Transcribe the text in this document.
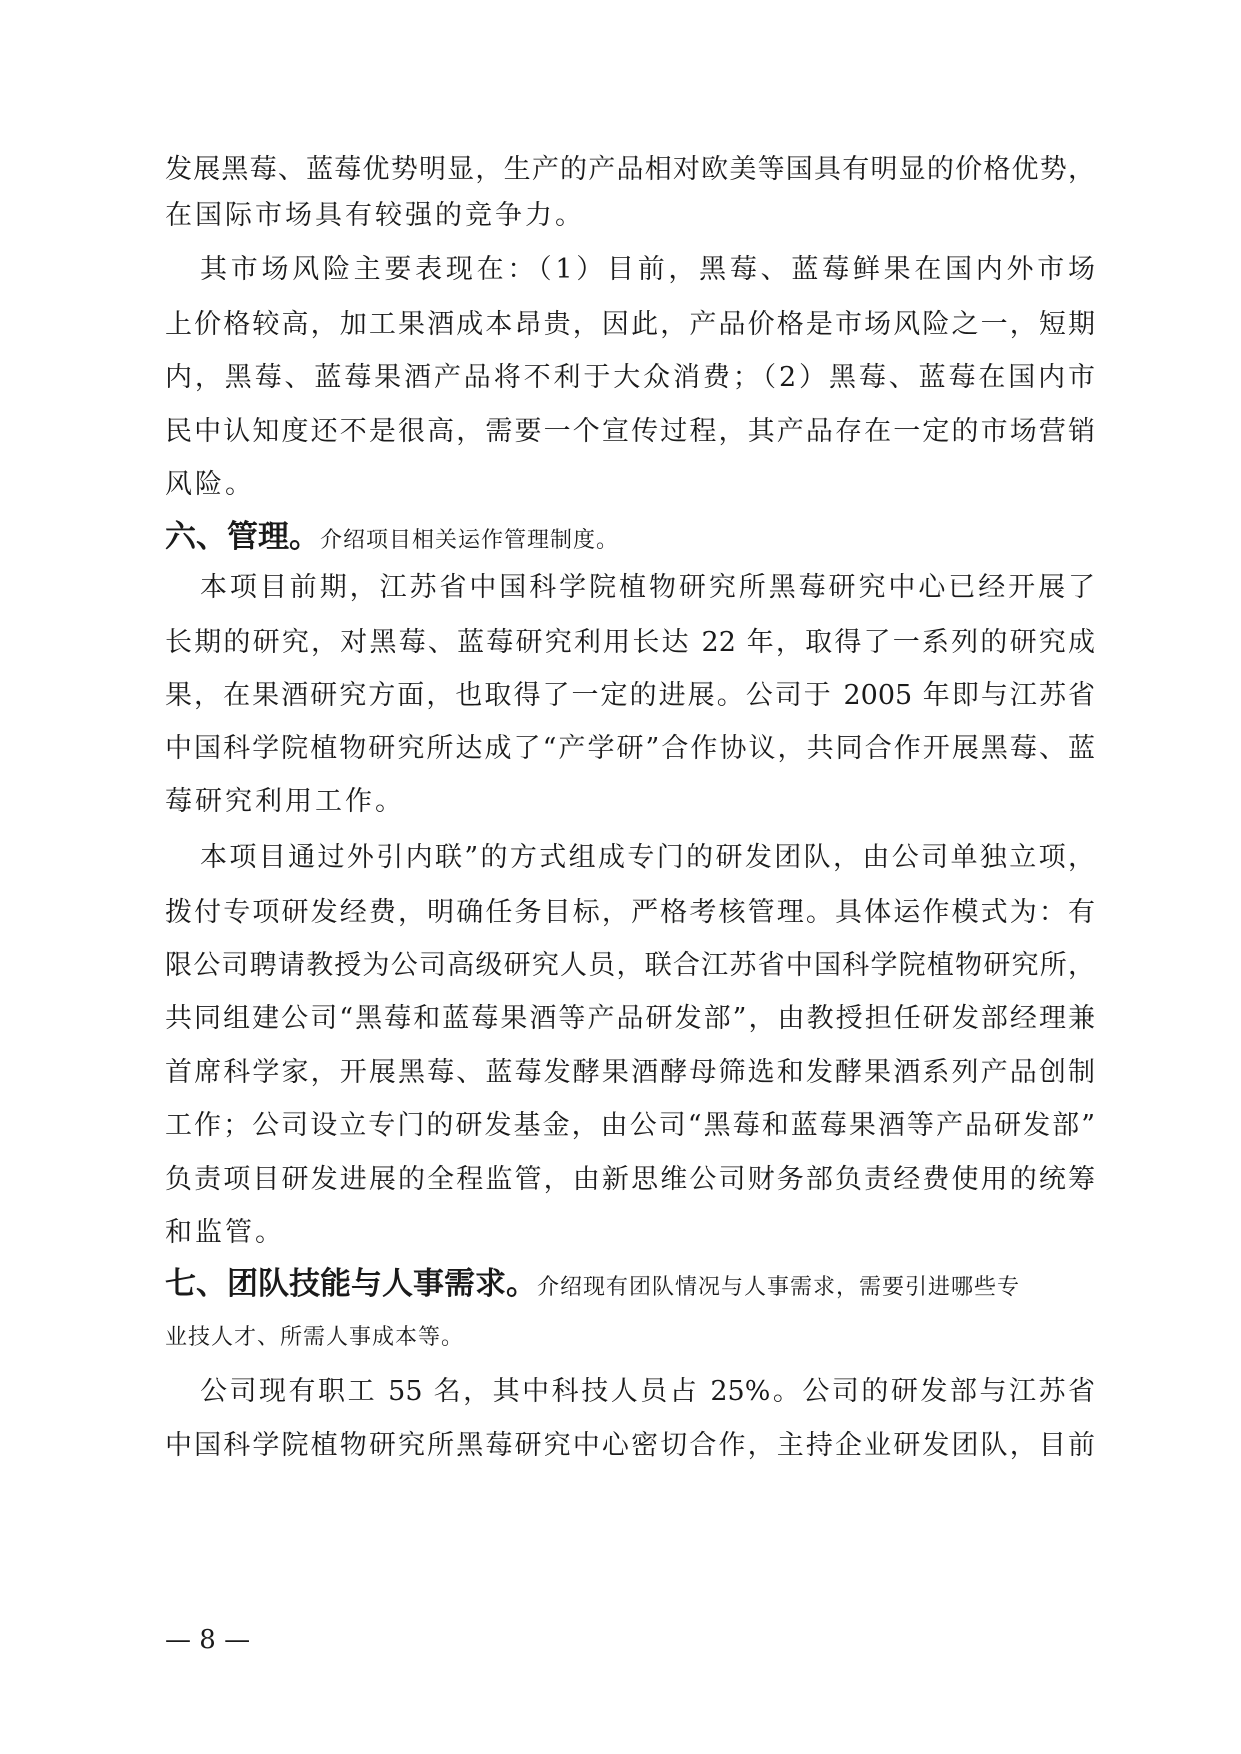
发展黑莓、蓝莓优势明显，生产的产品相对欧美等国具有明显的价格优势，

在国际市场具有较强的竞争力。

其市场风险主要表现在：（1）目前，黑莓、蓝莓鲜果在国内外市场

上价格较高，加工果酒成本昂贵，因此，产品价格是市场风险之一，短期

内，黑莓、蓝莓果酒产品将不利于大众消费；（2）黑莓、蓝莓在国内市

民中认知度还不是很高，需要一个宣传过程，其产品存在一定的市场营销

风险。

六、管理。介绍项目相关运作管理制度。

本项目前期，江苏省中国科学院植物研究所黑莓研究中心已经开展了

长期的研究，对黑莓、蓝莓研究利用长达 22 年，取得了一系列的研究成

果，在果酒研究方面，也取得了一定的进展。公司于 2005 年即与江苏省

中国科学院植物研究所达成了“产学研”合作协议，共同合作开展黑莓、蓝

莓研究利用工作。

本项目通过外引内联”的方式组成专门的研发团队，由公司单独立项，

拨付专项研发经费，明确任务目标，严格考核管理。具体运作模式为：有

限公司聘请教授为公司高级研究人员，联合江苏省中国科学院植物研究所，

共同组建公司“黑莓和蓝莓果酒等产品研发部”，由教授担任研发部经理兼

首席科学家，开展黑莓、蓝莓发酵果酒酵母筛选和发酵果酒系列产品创制

工作；公司设立专门的研发基金，由公司“黑莓和蓝莓果酒等产品研发部”

负责项目研发进展的全程监管，由新思维公司财务部负责经费使用的统筹

和监管。

七、团队技能与人事需求。介绍现有团队情况与人事需求，需要引进哪些专

业技人才、所需人事成本等。

公司现有职工 55 名，其中科技人员占 25%。公司的研发部与江苏省

中国科学院植物研究所黑莓研究中心密切合作，主持企业研发团队，目前

— 8 —
